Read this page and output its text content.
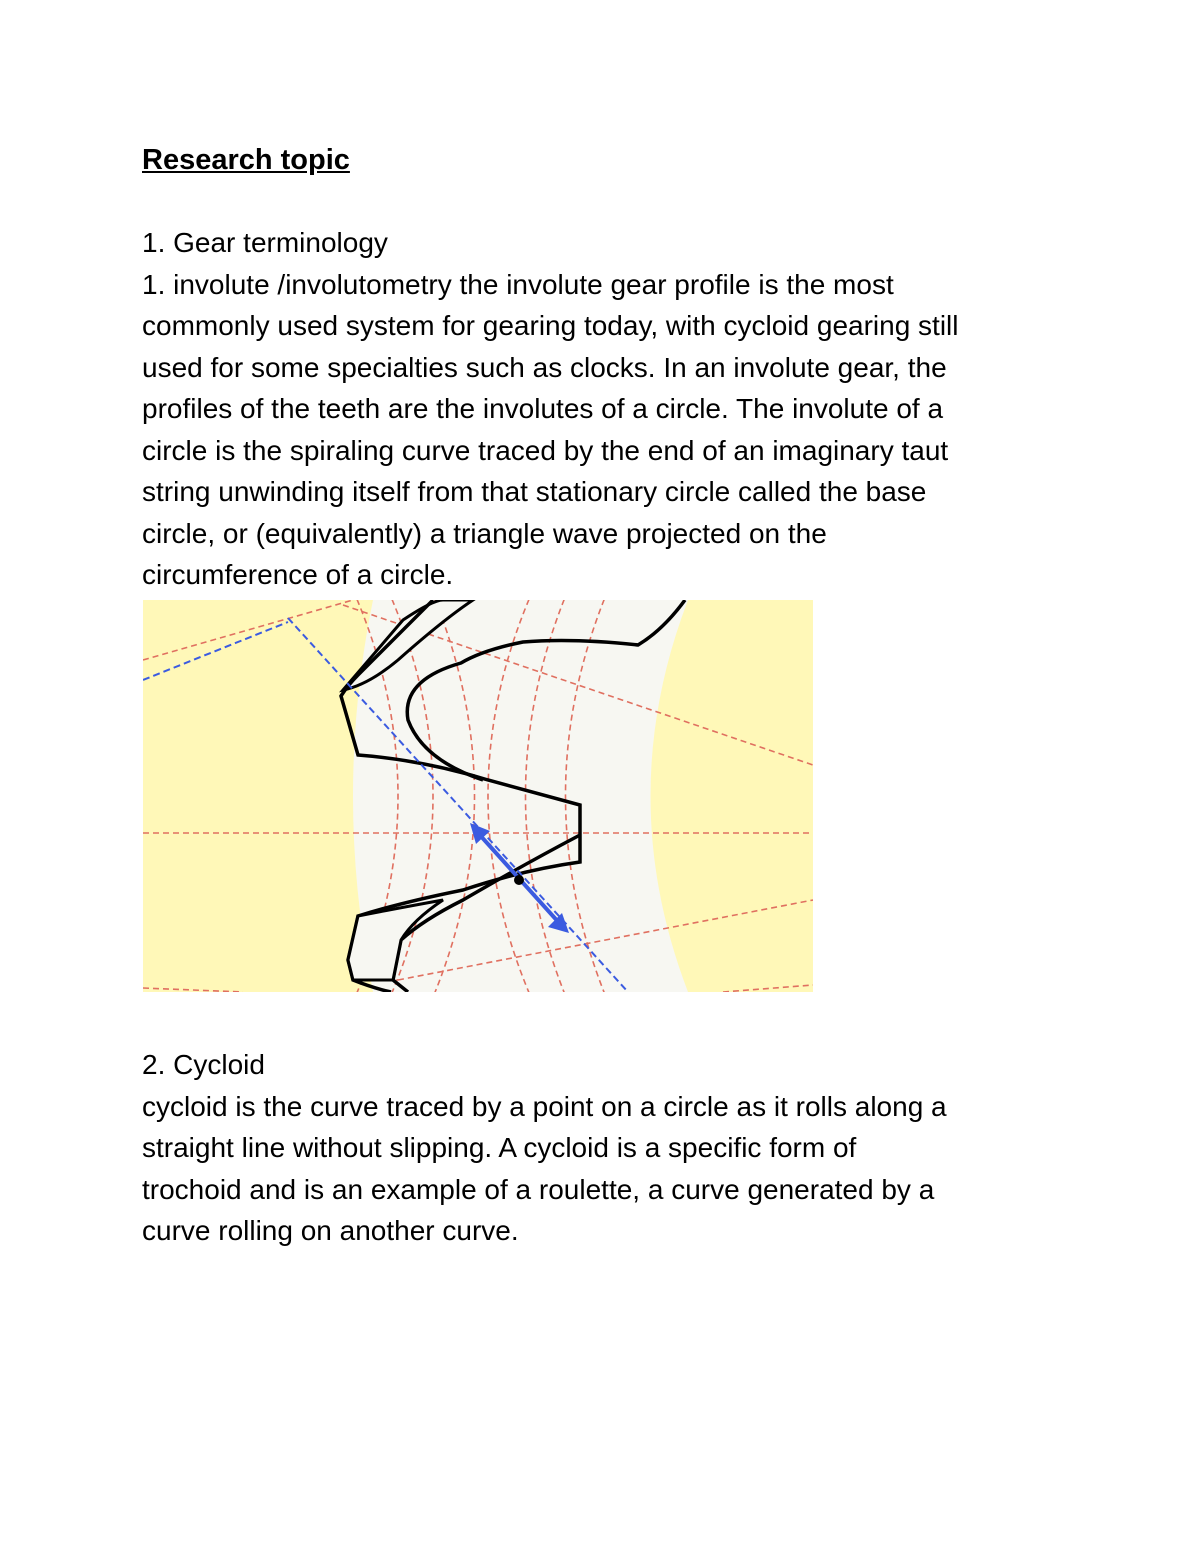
Research topic

1. Gear terminology

1. involute /involutometry the involute gear profile is the most

commonly used system for gearing today, with cycloid gearing still

used for some specialties such as clocks. In an involute gear, the

profiles of the teeth are the involutes of a circle. The involute of a

circle is the spiraling curve traced by the end of an imaginary taut

string unwinding itself from that stationary circle called the base

circle, or (equivalently) a triangle wave projected on the

circumference of a circle.

2. Cycloid

cycloid is the curve traced by a point on a circle as it rolls along a

straight line without slipping. A cycloid is a specific form of

trochoid and is an example of a roulette, a curve generated by a

curve rolling on another curve.
